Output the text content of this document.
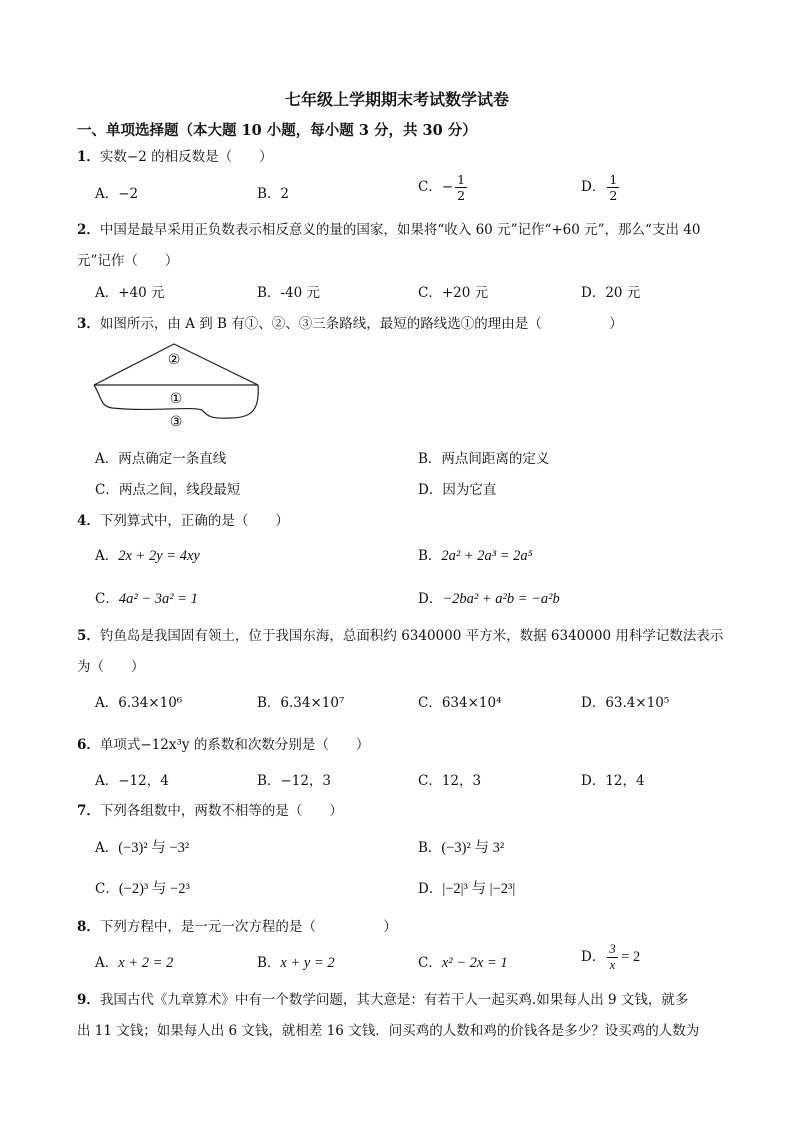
七年级上学期期末考试数学试卷
一、单项选择题（本大题 10 小题，每小题 3 分，共 30 分）
1．实数−2 的相反数是（　　）
A．−2	B．2	C．− $\frac{1}{2}$	D． $\frac{1}{2}$
2．中国是最早采用正负数表示相反意义的量的国家，如果将“收入 60 元”记作“+60 元”，那么“支出 40
元”记作（　　）
A．+40 元	B．-40 元	C．+20 元	D．20 元
3．如图所示，由 A 到 B 有①、②、③三条路线，最短的路线选①的理由是（　　　　　）
②
①
③
A．两点确定一条直线	B．两点间距离的定义
C．两点之间，线段最短	D．因为它直
4．下列算式中，正确的是（　　）
A．2x + 2y = 4xy	B．2a² + 2a³ = 2a⁵
C．4a² − 3a² = 1	D．−2ba² + a²b = −a²b
5．钓鱼岛是我国固有领土，位于我国东海，总面积约 6340000 平方米，数据 6340000 用科学记数法表示
为（　　）
A．6.34×10⁶	B．6.34×10⁷	C．634×10⁴	D．63.4×10⁵
6．单项式−12x³y 的系数和次数分别是（　　）
A．−12，4	B．−12，3	C．12，3	D．12，4
7．下列各组数中，两数不相等的是（　　）
A．(−3)² 与 −3²	B．(−3)² 与 3²
C．(−2)³ 与 −2³	D．|−2|³ 与 |−2³|
8．下列方程中，是一元一次方程的是（　　　　　）
A．x + 2 = 2	B．x + y = 2	C．x² − 2x = 1	D． $\frac{3}{x} = 2$
9．我国古代《九章算术》中有一个数学问题，其大意是：有若干人一起买鸡.如果每人出 9 文钱，就多
出 11 文钱；如果每人出 6 文钱，就相差 16 文钱．问买鸡的人数和鸡的价钱各是多少？设买鸡的人数为
